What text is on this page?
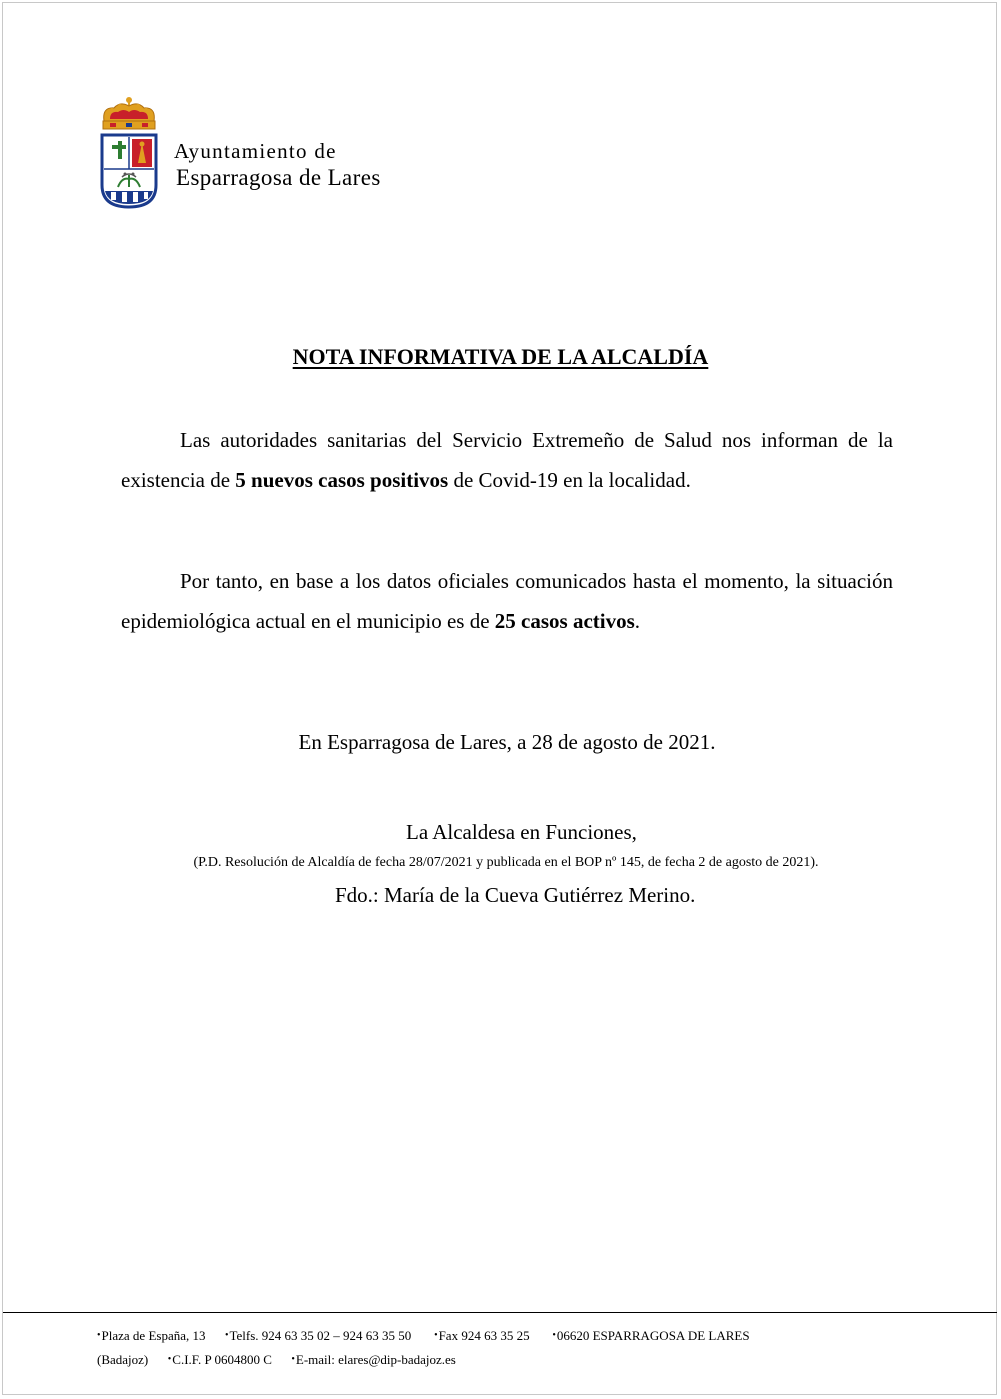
Ayuntamiento de
Esparragosa de Lares
NOTA INFORMATIVA DE LA ALCALDÍA
Las autoridades sanitarias del Servicio Extremeño de Salud nos informan de la existencia de 5 nuevos casos positivos de Covid-19 en la localidad.
Por tanto, en base a los datos oficiales comunicados hasta el momento, la situación epidemiológica actual en el municipio es de 25 casos activos.
En Esparragosa de Lares, a 28 de agosto de 2021.
La Alcaldesa en Funciones,
(P.D. Resolución de Alcaldía de fecha 28/07/2021 y publicada en el BOP nº 145, de fecha 2 de agosto de 2021).
Fdo.: María de la Cueva Gutiérrez Merino.
•Plaza de España, 13 •Telfs. 924 63 35 02 – 924 63 35 50 •Fax 924 63 35 25 •06620 ESPARRAGOSA DE LARES
(Badajoz) •C.I.F. P 0604800 C •E-mail: elares@dip-badajoz.es
